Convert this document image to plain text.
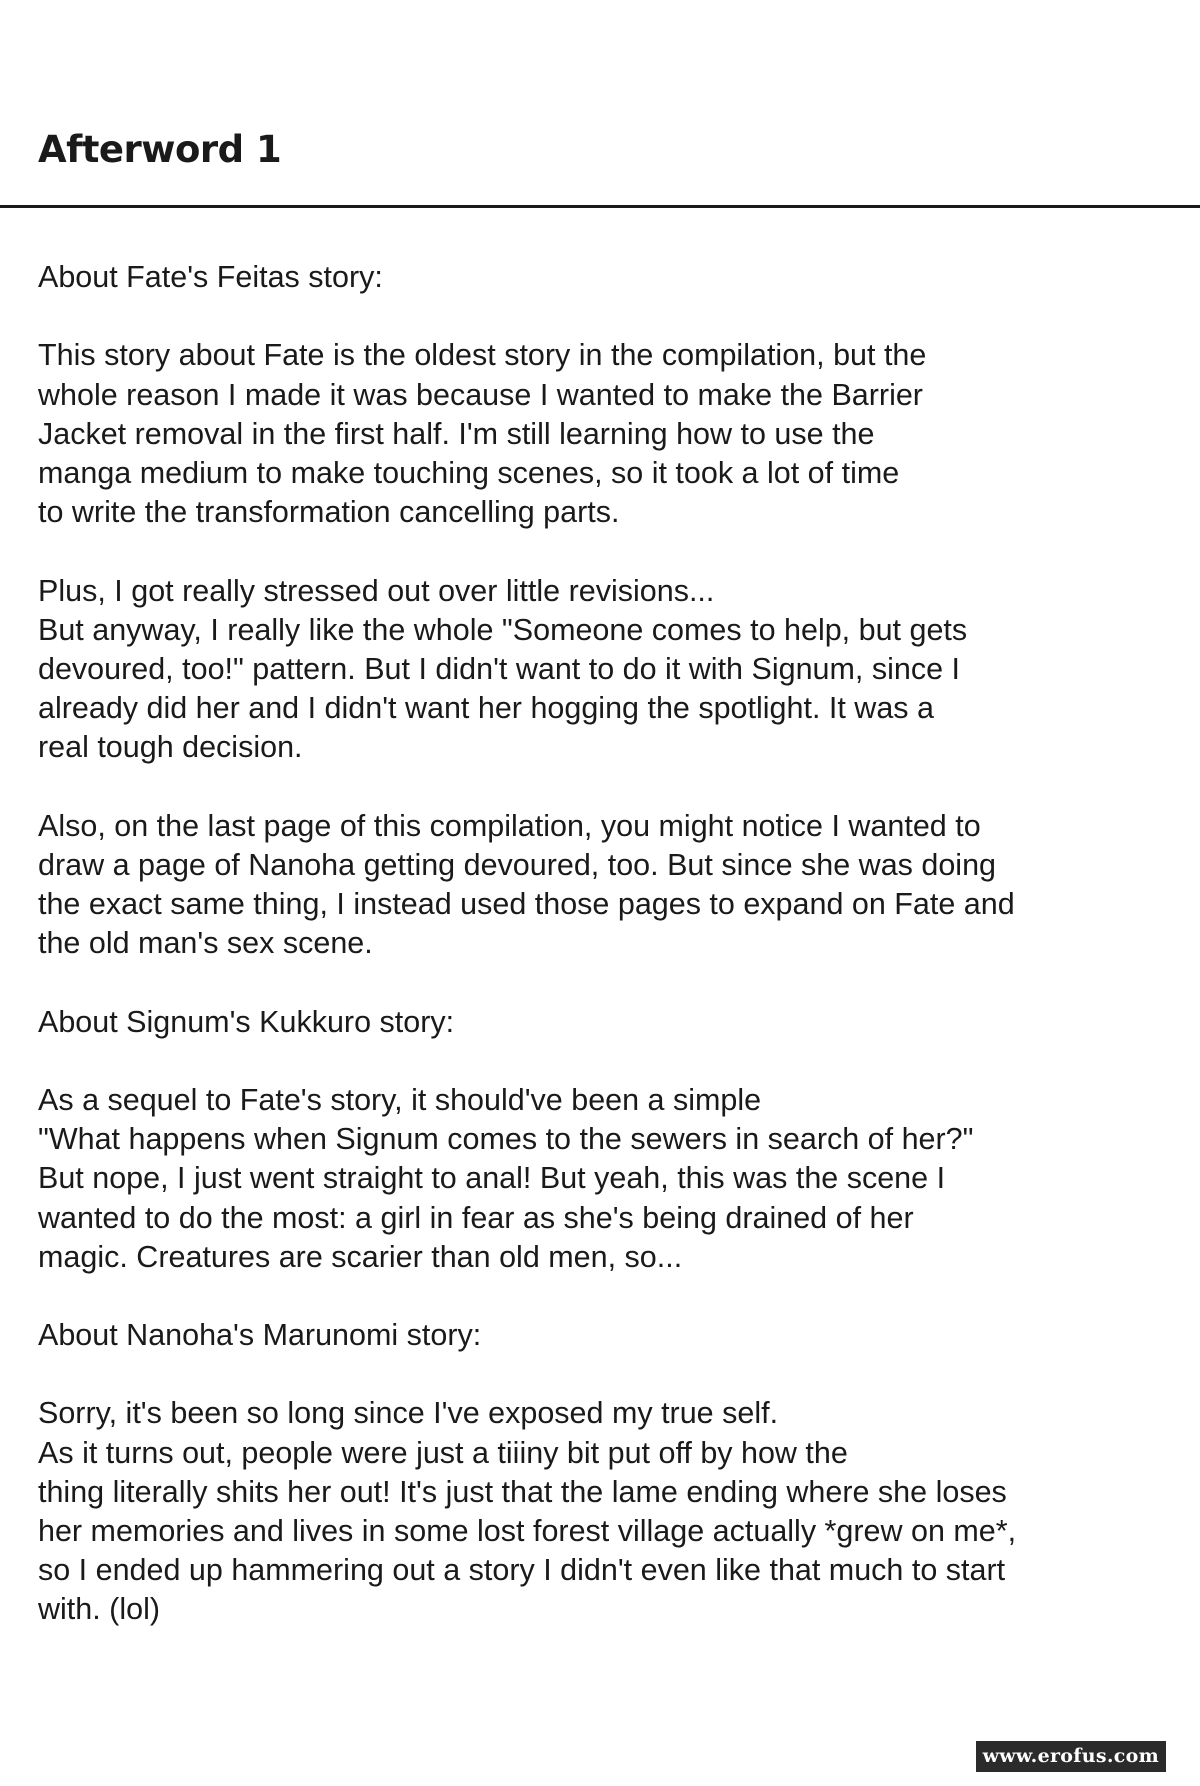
Afterword 1
About Fate's Feitas story:
This story about Fate is the oldest story in the compilation, but the
whole reason I made it was because I wanted to make the Barrier
Jacket removal in the first half. I'm still learning how to use the
manga medium to make touching scenes, so it took a lot of time
to write the transformation cancelling parts.
Plus, I got really stressed out over little revisions...
But anyway, I really like the whole "Someone comes to help, but gets
devoured, too!" pattern. But I didn't want to do it with Signum, since I
already did her and I didn't want her hogging the spotlight. It was a
real tough decision.
Also, on the last page of this compilation, you might notice I wanted to
draw a page of Nanoha getting devoured, too. But since she was doing
the exact same thing, I instead used those pages to expand on Fate and
the old man's sex scene.
About Signum's Kukkuro story:
As a sequel to Fate's story, it should've been a simple
"What happens when Signum comes to the sewers in search of her?"
But nope, I just went straight to anal! But yeah, this was the scene I
wanted to do the most: a girl in fear as she's being drained of her
magic. Creatures are scarier than old men, so...
About Nanoha's Marunomi story:
Sorry, it's been so long since I've exposed my true self.
As it turns out, people were just a tiiiny bit put off by how the
thing literally shits her out! It's just that the lame ending where she loses
her memories and lives in some lost forest village actually *grew on me*,
so I ended up hammering out a story I didn't even like that much to start
with. (lol)
www.erofus.com
